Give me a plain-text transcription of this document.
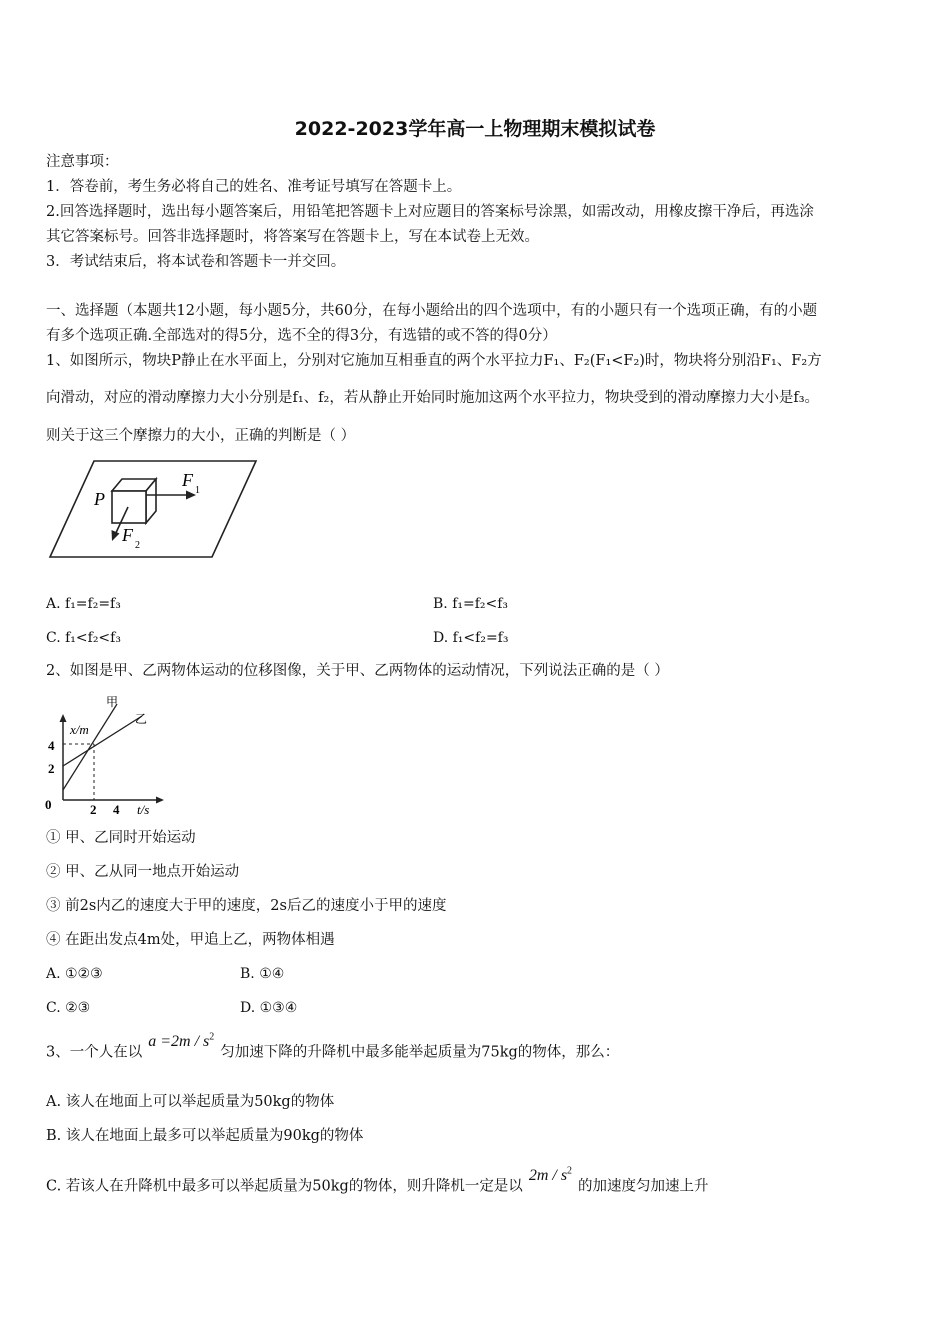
2022-2023学年高一上物理期末模拟试卷
注意事项：
1．答卷前，考生务必将自己的姓名、准考证号填写在答题卡上。
2.回答选择题时，选出每小题答案后，用铅笔把答题卡上对应题目的答案标号涂黑，如需改动，用橡皮擦干净后，再选涂
其它答案标号。回答非选择题时，将答案写在答题卡上，写在本试卷上无效。
3．考试结束后，将本试卷和答题卡一并交回。
一、选择题（本题共12小题，每小题5分，共60分，在每小题给出的四个选项中，有的小题只有一个选项正确，有的小题
有多个选项正确.全部选对的得5分，选不全的得3分，有选错的或不答的得0分）
1、如图所示，物块P静止在水平面上，分别对它施加互相垂直的两个水平拉力F₁、F₂(F₁<F₂)时，物块将分别沿F₁、F₂方
向滑动，对应的滑动摩擦力大小分别是f₁、f₂，若从静止开始同时施加这两个水平拉力，物块受到的滑动摩擦力大小是f₃。
则关于这三个摩擦力的大小，正确的判断是（ ）
P
F
1
F
2
A. f₁=f₂=f₃	B. f₁=f₂<f₃
C. f₁<f₂<f₃	D. f₁<f₂=f₃
2、如图是甲、乙两物体运动的位移图像，关于甲、乙两物体的运动情况，下列说法正确的是（ ）
x/m
t/s
0
2
4
2 4
甲
乙
① 甲、乙同时开始运动
② 甲、乙从同一地点开始运动
③ 前2s内乙的速度大于甲的速度，2s后乙的速度小于甲的速度
④ 在距出发点4m处，甲追上乙，两物体相遇
A. ①②③	B. ①④
C. ②③	D. ①③④
3、一个人在以$a =2m / s^2$匀加速下降的升降机中最多能举起质量为75kg的物体，那么：
A. 该人在地面上可以举起质量为50kg的物体
B. 该人在地面上最多可以举起质量为90kg的物体
C. 若该人在升降机中最多可以举起质量为50kg的物体，则升降机一定是以$2m / s^2$的加速度匀加速上升
